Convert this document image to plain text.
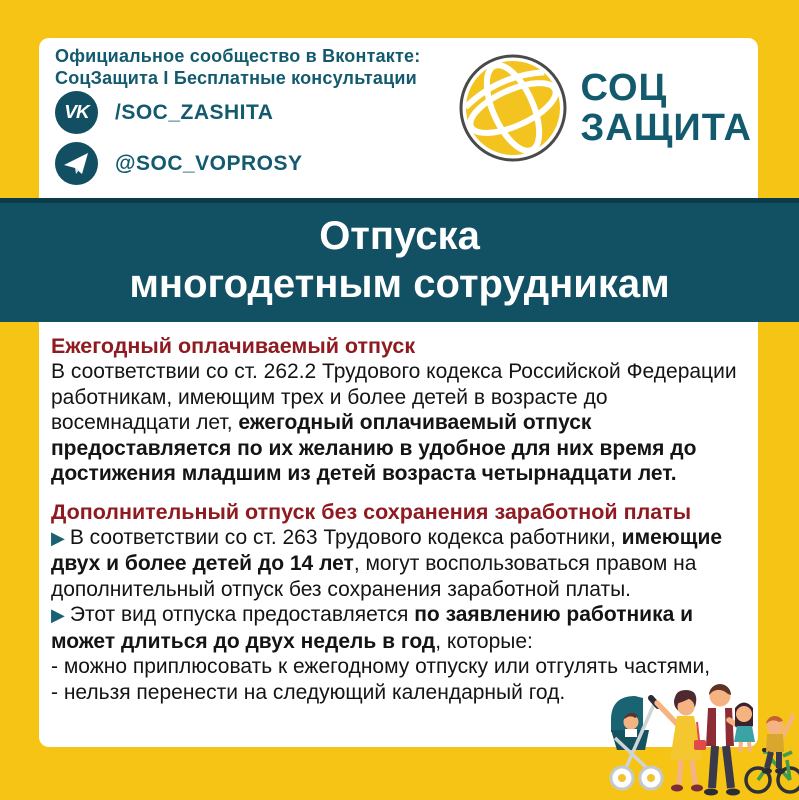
Официальное сообщество в Вконтакте:
СоцЗащита I Бесплатные консультации
VK /SOC_ZASHITA
@SOC_VOPROSY
СОЦ
ЗАЩИТА
Отпуска
многодетным сотрудникам
Ежегодный оплачиваемый отпуск

В соответствии со ст. 262.2 Трудового кодекса Российской Федерации работникам, имеющим трех и более детей в возрасте до восемнадцати лет, ежегодный оплачиваемый отпуск предоставляется по их желанию в удобное для них время до достижения младшим из детей возраста четырнадцати лет.

Дополнительный отпуск без сохранения заработной платы

▶ В соответствии со ст. 263 Трудового кодекса работники, имеющие двух и более детей до 14 лет, могут воспользоваться правом на дополнительный отпуск без сохранения заработной платы.

▶ Этот вид отпуска предоставляется по заявлению работника и может длиться до двух недель в год, которые:

- можно приплюсовать к ежегодному отпуску или отгулять частями,

- нельзя перенести на следующий календарный год.
